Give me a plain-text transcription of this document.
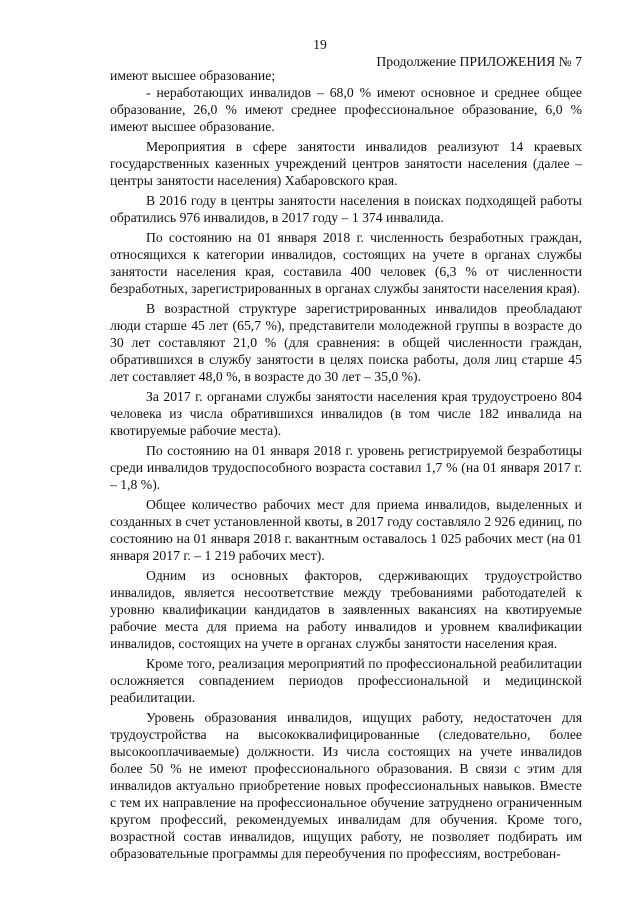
19
Продолжение ПРИЛОЖЕНИЯ № 7

имеют высшее образование;

- неработающих инвалидов – 68,0 % имеют основное и среднее общее образование, 26,0 % имеют среднее профессиональное образование, 6,0 % имеют высшее образование.

Мероприятия в сфере занятости инвалидов реализуют 14 краевых государственных казенных учреждений центров занятости населения (далее – центры занятости населения) Хабаровского края.

В 2016 году в центры занятости населения в поисках подходящей работы обратились 976 инвалидов, в 2017 году – 1 374 инвалида.

По состоянию на 01 января 2018 г. численность безработных граждан, относящихся к категории инвалидов, состоящих на учете в органах службы занятости населения края, составила 400 человек (6,3 % от численности безработных, зарегистрированных в органах службы занятости населения края).

В возрастной структуре зарегистрированных инвалидов преобладают люди старше 45 лет (65,7 %), представители молодежной группы в возрасте до 30 лет составляют 21,0 % (для сравнения: в общей численности граждан, обратившихся в службу занятости в целях поиска работы, доля лиц старше 45 лет составляет 48,0 %, в возрасте до 30 лет – 35,0 %).

За 2017 г. органами службы занятости населения края трудоустроено 804 человека из числа обратившихся инвалидов (в том числе 182 инвалида на квотируемые рабочие места).

По состоянию на 01 января 2018 г. уровень регистрируемой безработицы среди инвалидов трудоспособного возраста составил 1,7 % (на 01 января 2017 г. – 1,8 %).

Общее количество рабочих мест для приема инвалидов, выделенных и созданных в счет установленной квоты, в 2017 году составляло 2 926 единиц, по состоянию на 01 января 2018 г. вакантным оставалось 1 025 рабочих мест (на 01 января 2017 г. – 1 219 рабочих мест).

Одним из основных факторов, сдерживающих трудоустройство инвалидов, является несоответствие между требованиями работодателей к уровню квалификации кандидатов в заявленных вакансиях на квотируемые рабочие места для приема на работу инвалидов и уровнем квалификации инвалидов, состоящих на учете в органах службы занятости населения края.

Кроме того, реализация мероприятий по профессиональной реабилитации осложняется совпадением периодов профессиональной и медицинской реабилитации.

Уровень образования инвалидов, ищущих работу, недостаточен для трудоустройства на высококвалифицированные (следовательно, более высокооплачиваемые) должности. Из числа состоящих на учете инвалидов более 50 % не имеют профессионального образования. В связи с этим для инвалидов актуально приобретение новых профессиональных навыков. Вместе с тем их направление на профессиональное обучение затруднено ограниченным кругом профессий, рекомендуемых инвалидам для обучения. Кроме того, возрастной состав инвалидов, ищущих работу, не позволяет подбирать им образовательные программы для переобучения по профессиям, востребован-
